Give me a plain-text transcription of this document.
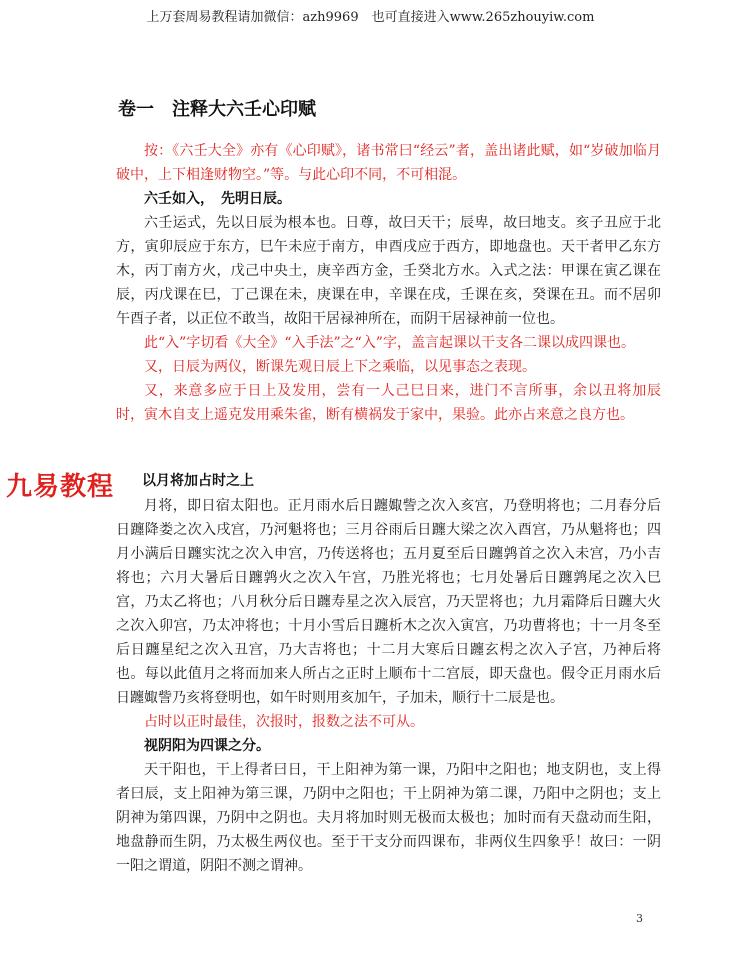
上万套周易教程请加微信：azh9969　也可直接进入www.265zhouyiw.com
卷一　注释大六壬心印赋

按：《六壬大全》亦有《心印赋》，诸书常曰“经云”者，盖出诸此赋，如“岁破加临月破中，上下相逢财物空。”等。与此心印不同，不可相混。

六壬如入，　先明日辰。

六壬运式，先以日辰为根本也。日尊，故曰天干；辰卑，故曰地支。亥子丑应于北方，寅卯辰应于东方，巳午未应于南方，申酉戌应于西方，即地盘也。天干者甲乙东方木，丙丁南方火，戊己中央土，庚辛西方金，壬癸北方水。入式之法：甲课在寅乙课在辰，丙戊课在巳，丁己课在未，庚课在申，辛课在戌，壬课在亥，癸课在丑。而不居卯午酉子者，以正位不敢当，故阳干居禄神所在，而阴干居禄神前一位也。

此“入”字切看《大全》“入手法”之“入”字，盖言起课以干支各二课以成四课也。

又，日辰为两仪，断课先观日辰上下之乘临，以见事态之表现。

又，来意多应于日上及发用，尝有一人己巳日来，进门不言所事，余以丑将加辰时，寅木自支上遥克发用乘朱雀，断有横祸发于家中，果验。此亦占来意之良方也。

九易教程 以月将加占时之上

月将，即日宿太阳也。正月雨水后日躔娵訾之次入亥宫，乃登明将也；二月春分后日躔降娄之次入戌宫，乃河魁将也；三月谷雨后日躔大梁之次入酉宫，乃从魁将也；四月小满后日躔实沈之次入申宫，乃传送将也；五月夏至后日躔鹑首之次入未宫，乃小吉将也；六月大暑后日躔鹑火之次入午宫，乃胜光将也；七月处暑后日躔鹑尾之次入巳宫，乃太乙将也；八月秋分后日躔寿星之次入辰宫，乃天罡将也；九月霜降后日躔大火之次入卯宫，乃太冲将也；十月小雪后日躔析木之次入寅宫，乃功曹将也；十一月冬至后日躔星纪之次入丑宫，乃大吉将也；十二月大寒后日躔玄枵之次入子宫，乃神后将也。每以此值月之将而加来人所占之正时上顺布十二宫辰，即天盘也。假令正月雨水后日躔娵訾乃亥将登明也，如午时则用亥加午，子加未，顺行十二辰是也。

占时以正时最佳，次报时，报数之法不可从。

视阴阳为四课之分。

天干阳也，干上得者曰日，干上阳神为第一课，乃阳中之阳也；地支阴也，支上得者曰辰，支上阳神为第三课，乃阴中之阳也；干上阴神为第二课，乃阳中之阴也；支上阴神为第四课，乃阴中之阴也。夫月将加时则无极而太极也；加时而有天盘动而生阳，地盘静而生阴，乃太极生两仪也。至于干支分而四课布，非两仪生四象乎！故曰：一阴一阳之谓道，阴阳不测之谓神。

3
